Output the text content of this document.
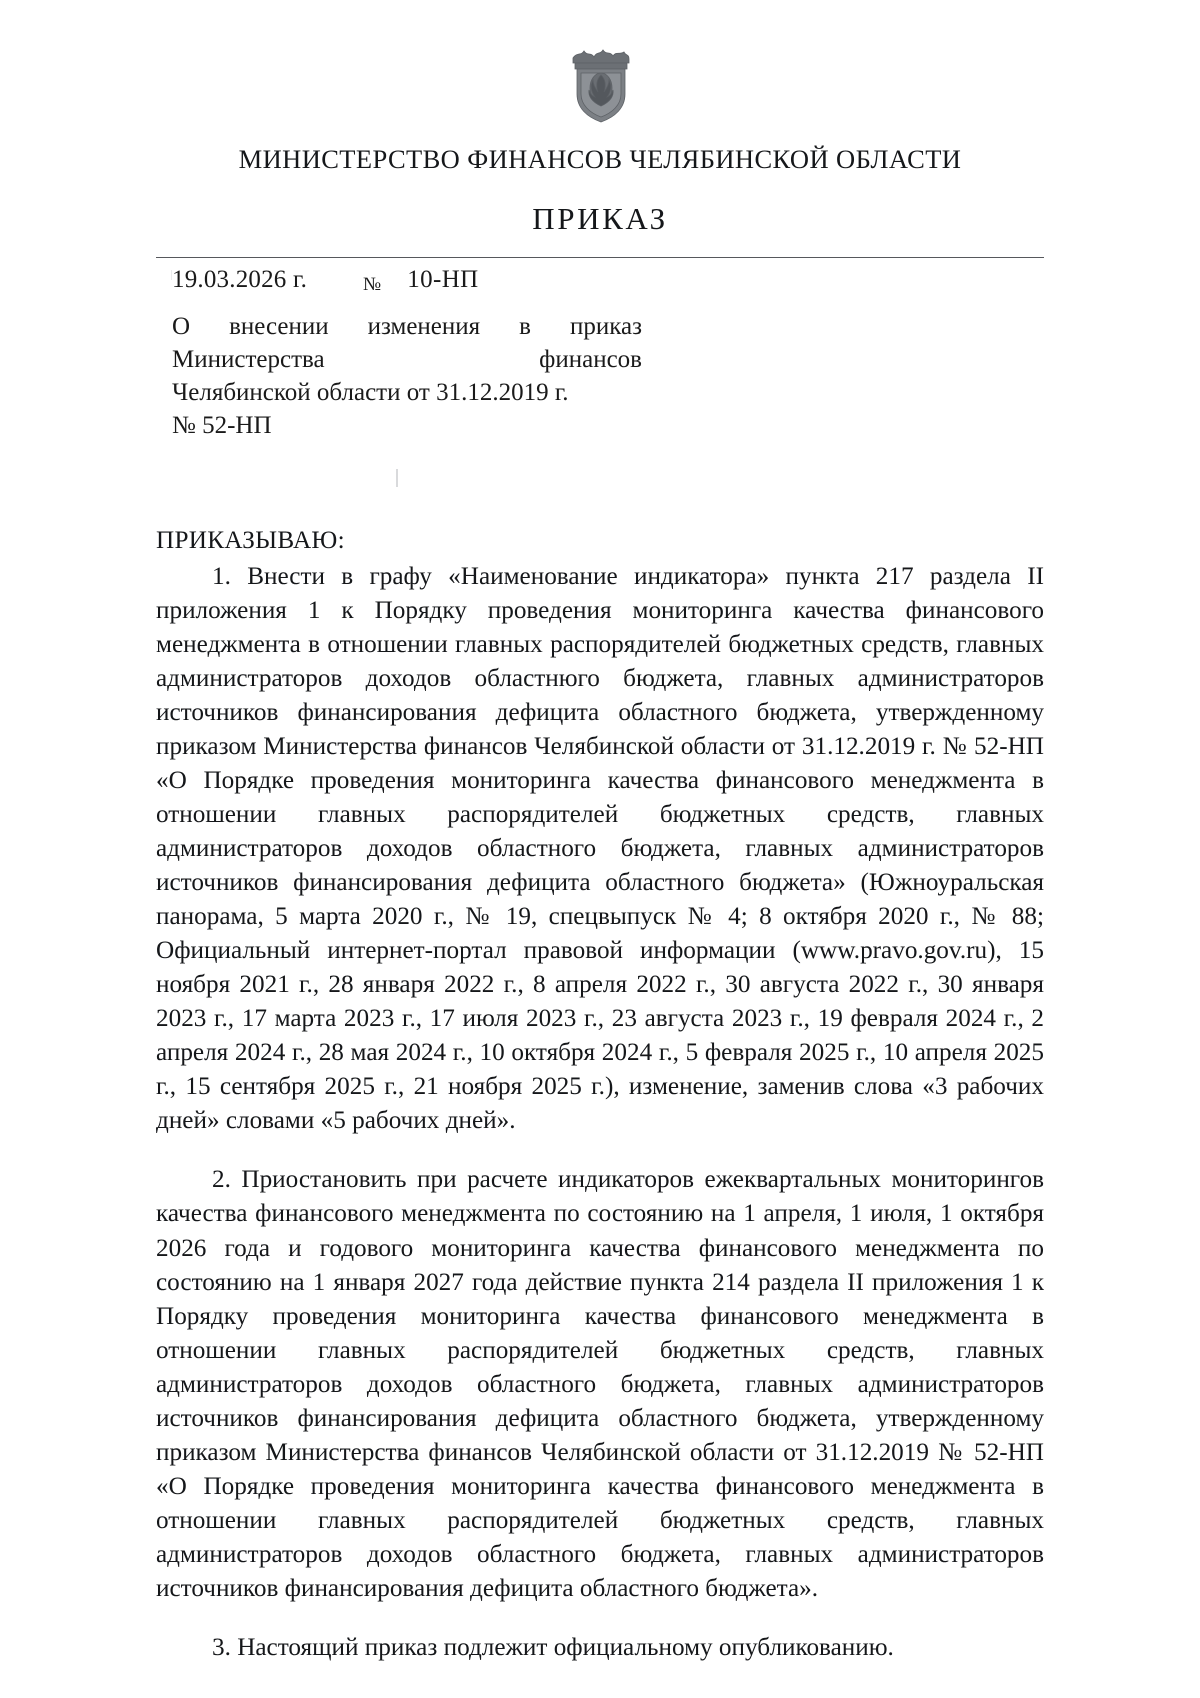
МИНИСТЕРСТВО ФИНАНСОВ ЧЕЛЯБИНСКОЙ ОБЛАСТИ
ПРИКАЗ
19.03.2026 г.	№ 10-НП
О внесении изменения в приказ
Министерства	финансов
Челябинской области от 31.12.2019 г.
№ 52-НП
ПРИКАЗЫВАЮ:

1. Внести в графу «Наименование индикатора» пункта 217 раздела II приложения 1 к Порядку проведения мониторинга качества финансового менеджмента в отношении главных распорядителей бюджетных средств, главных администраторов доходов областнюго бюджета, главных администраторов источников финансирования дефицита областного бюджета, утвержденному приказом Министерства финансов Челябинской области от 31.12.2019 г. № 52-НП «О Порядке проведения мониторинга качества финансового менеджмента в отношении главных распорядителей бюджетных средств, главных администраторов доходов областного бюджета, главных администраторов источников финансирования дефицита областного бюджета» (Южноуральская панорама, 5 марта 2020 г., № 19, спецвыпуск № 4; 8 октября 2020 г., № 88; Официальный интернет-портал правовой информации (www.pravo.gov.ru), 15 ноября 2021 г., 28 января 2022 г., 8 апреля 2022 г., 30 августа 2022 г., 30 января 2023 г., 17 марта 2023 г., 17 июля 2023 г., 23 августа 2023 г., 19 февраля 2024 г., 2 апреля 2024 г., 28 мая 2024 г., 10 октября 2024 г., 5 февраля 2025 г., 10 апреля 2025 г., 15 сентября 2025 г., 21 ноября 2025 г.), изменение, заменив слова «3 рабочих дней» словами «5 рабочих дней».

2. Приостановить при расчете индикаторов ежеквартальных мониторингов качества финансового менеджмента по состоянию на 1 апреля, 1 июля, 1 октября 2026 года и годового мониторинга качества финансового менеджмента по состоянию на 1 января 2027 года действие пункта 214 раздела II приложения 1 к Порядку проведения мониторинга качества финансового менеджмента в отношении главных распорядителей бюджетных средств, главных администраторов доходов областного бюджета, главных администраторов источников финансирования дефицита областного бюджета, утвержденному приказом Министерства финансов Челябинской области от 31.12.2019 № 52-НП «О Порядке проведения мониторинга качества финансового менеджмента в отношении главных распорядителей бюджетных средств, главных администраторов доходов областного бюджета, главных администраторов источников финансирования дефицита областного бюджета».

3. Настоящий приказ подлежит официальному опубликованию.
